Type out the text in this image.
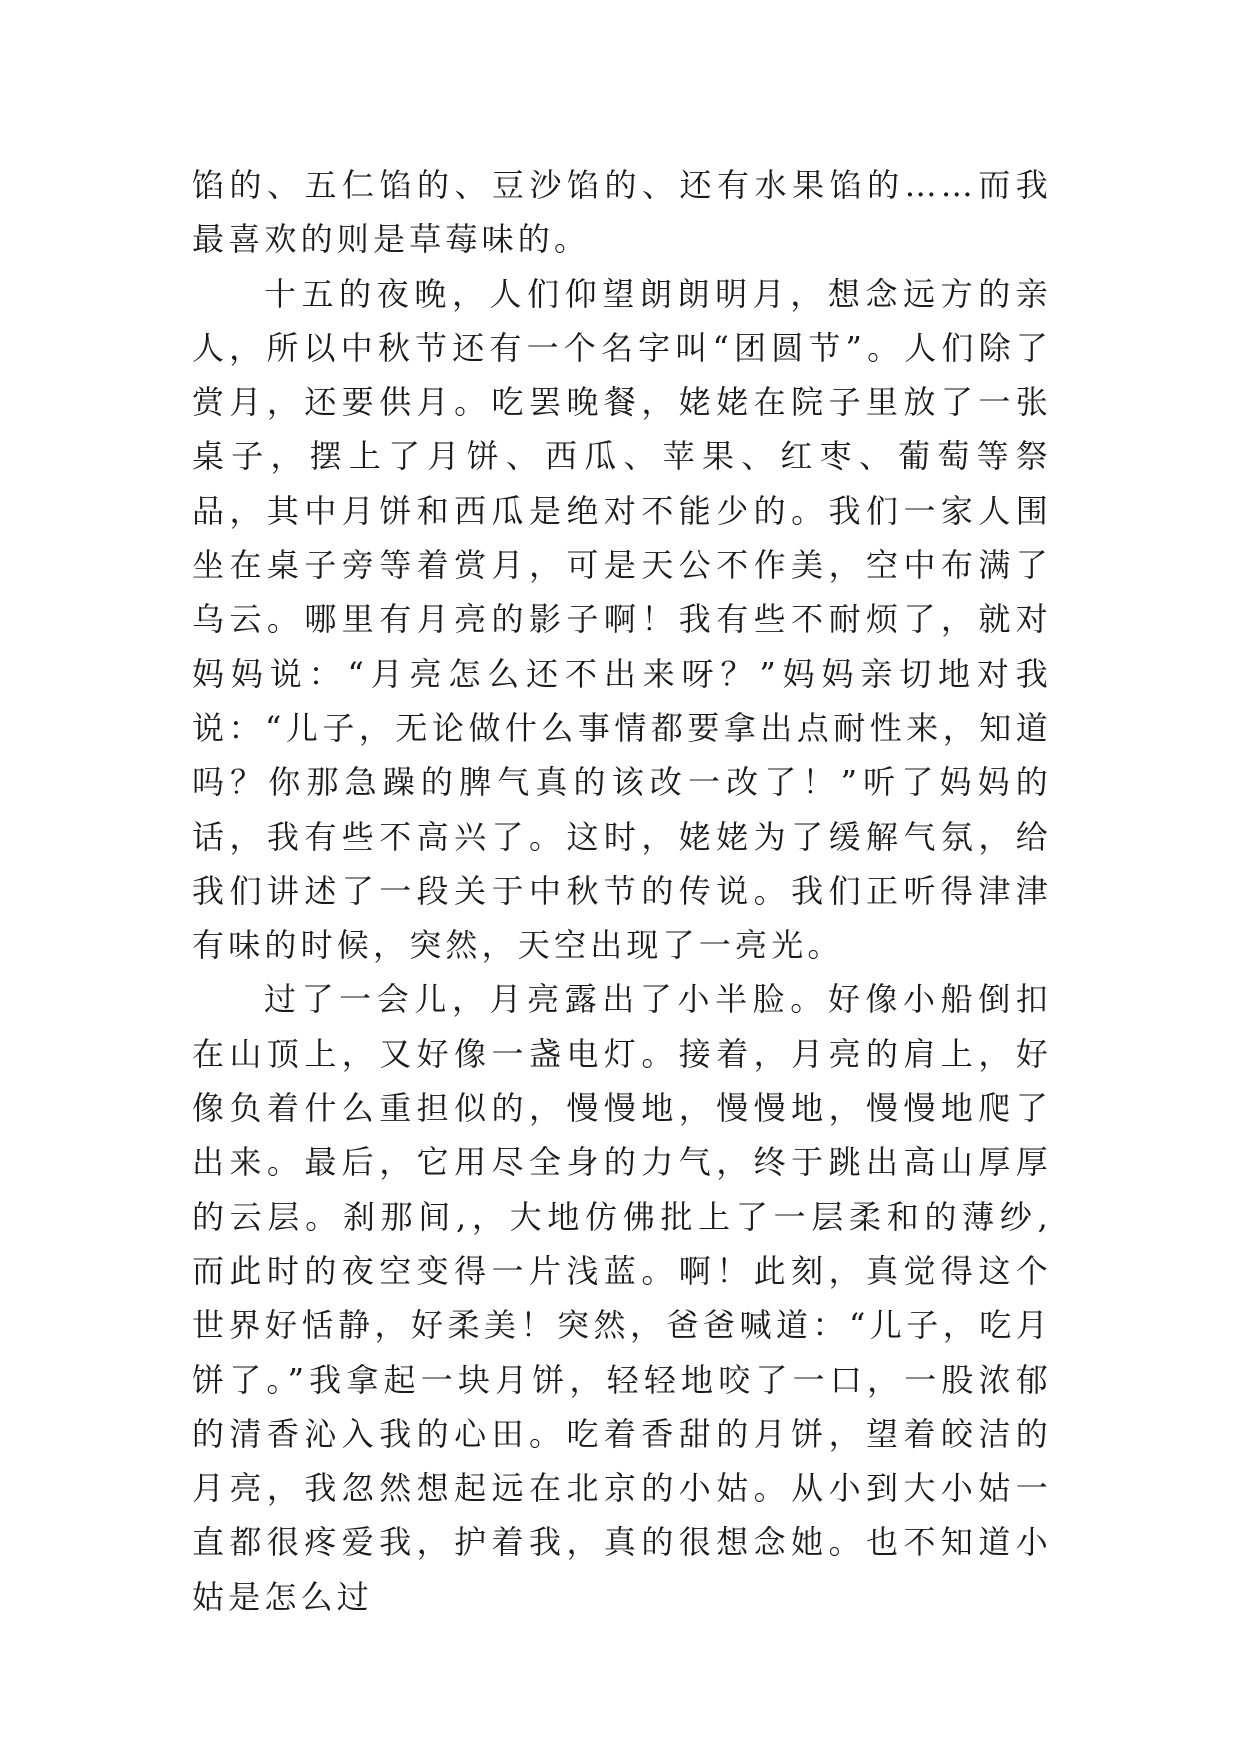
馅的、五仁馅的、豆沙馅的、还有水果馅的……而我最喜欢的则是草莓味的。

十五的夜晚，人们仰望朗朗明月，想念远方的亲人，所以中秋节还有一个名字叫“团圆节”。人们除了赏月，还要供月。吃罢晚餐，姥姥在院子里放了一张桌子，摆上了月饼、西瓜、苹果、红枣、葡萄等祭品，其中月饼和西瓜是绝对不能少的。我们一家人围坐在桌子旁等着赏月，可是天公不作美，空中布满了乌云。哪里有月亮的影子啊！我有些不耐烦了，就对妈妈说：“月亮怎么还不出来呀？”妈妈亲切地对我说：“儿子，无论做什么事情都要拿出点耐性来，知道吗？你那急躁的脾气真的该改一改了！”听了妈妈的话，我有些不高兴了。这时，姥姥为了缓解气氛，给我们讲述了一段关于中秋节的传说。我们正听得津津有味的时候，突然，天空出现了一亮光。

过了一会儿，月亮露出了小半脸。好像小船倒扣在山顶上，又好像一盏电灯。接着，月亮的肩上，好像负着什么重担似的，慢慢地，慢慢地，慢慢地爬了出来。最后，它用尽全身的力气，终于跳出高山厚厚的云层。刹那间,，大地仿佛批上了一层柔和的薄纱,而此时的夜空变得一片浅蓝。啊！此刻，真觉得这个世界好恬静，好柔美！突然，爸爸喊道：“儿子，吃月饼了。”我拿起一块月饼，轻轻地咬了一口，一股浓郁的清香沁入我的心田。吃着香甜的月饼，望着皎洁的月亮，我忽然想起远在北京的小姑。从小到大小姑一直都很疼爱我，护着我，真的很想念她。也不知道小姑是怎么过
